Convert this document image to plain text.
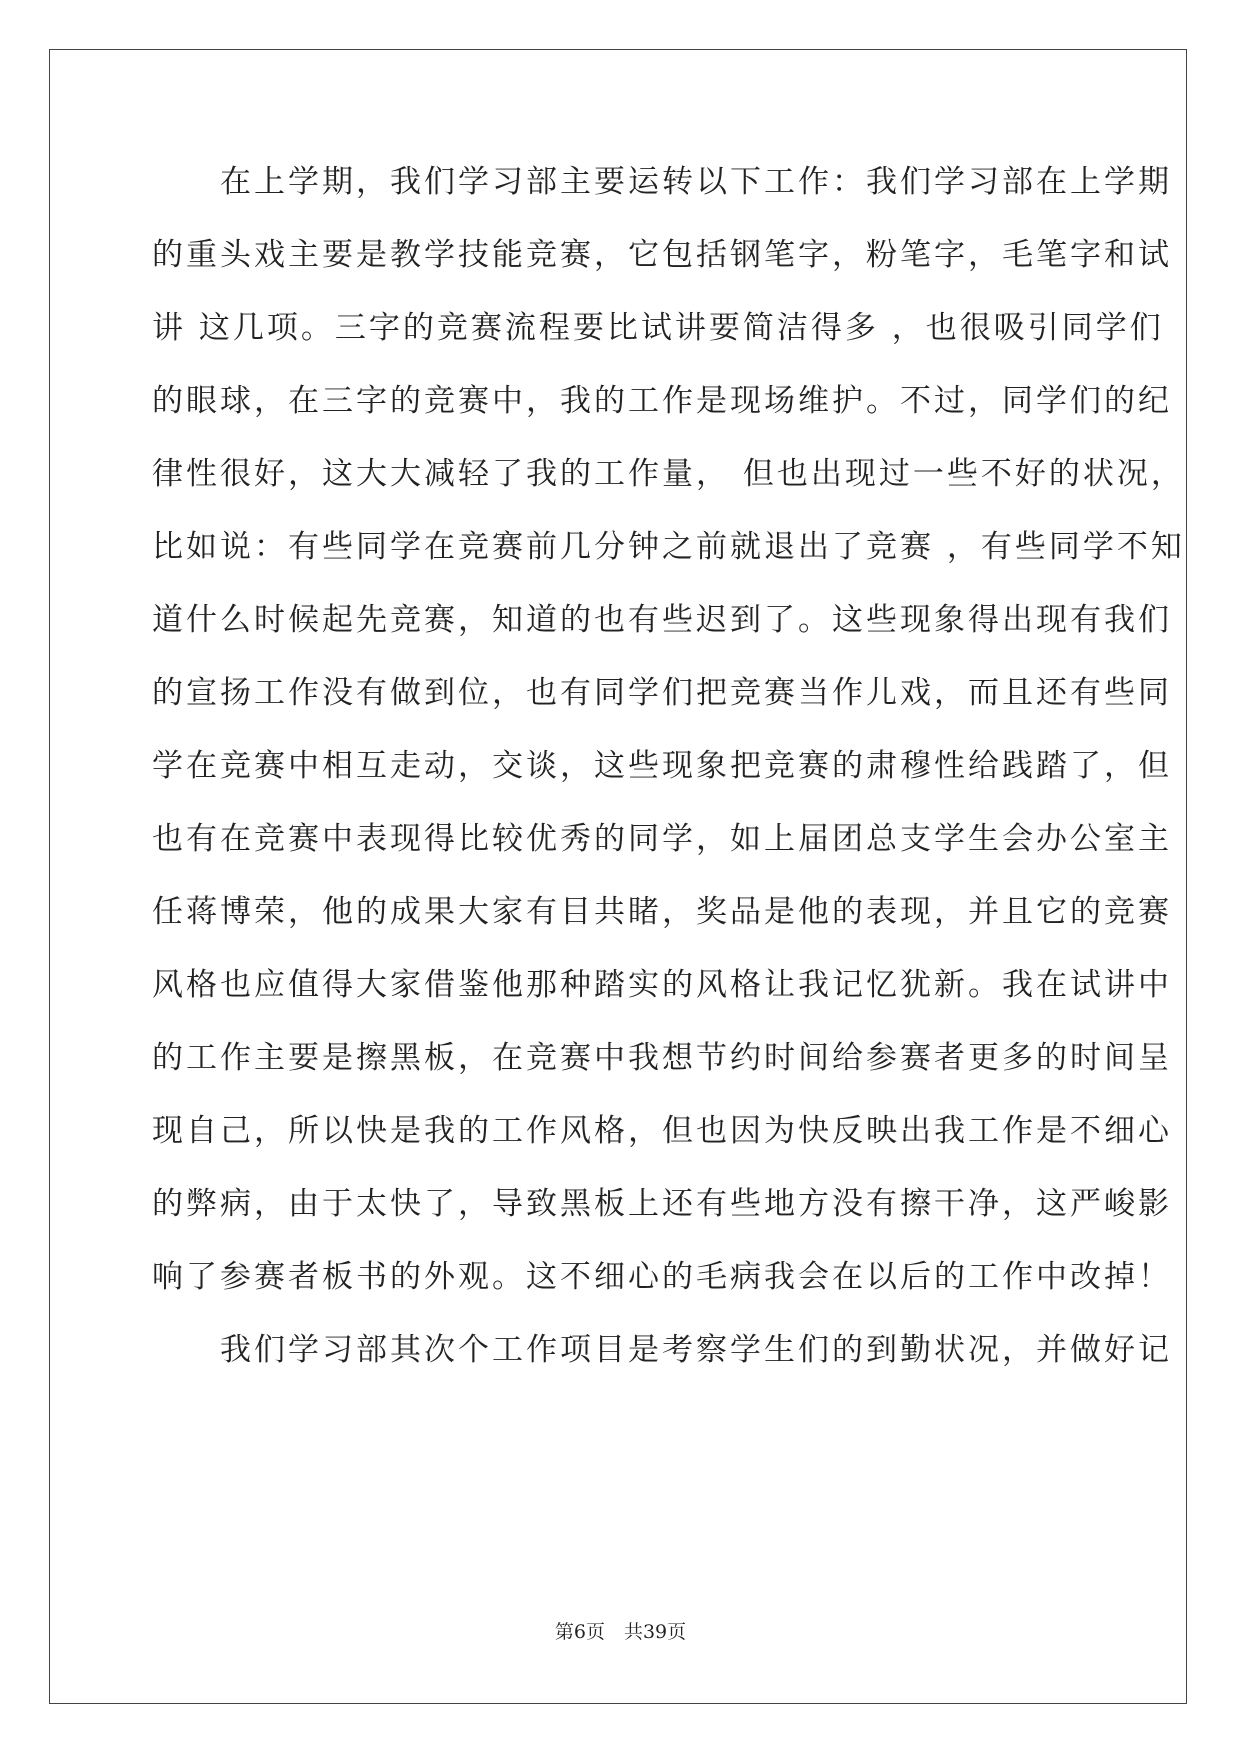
　　在上学期，我们学习部主要运转以下工作：我们学习部在上学期
的重头戏主要是教学技能竞赛，它包括钢笔字，粉笔字，毛笔字和试
讲 这几项。三字的竞赛流程要比试讲要简洁得多 ，也很吸引同学们
的眼球，在三字的竞赛中，我的工作是现场维护。不过，同学们的纪
律性很好，这大大减轻了我的工作量， 但也出现过一些不好的状况，
比如说：有些同学在竞赛前几分钟之前就退出了竞赛 ，有些同学不知
道什么时候起先竞赛，知道的也有些迟到了。这些现象得出现有我们
的宣扬工作没有做到位，也有同学们把竞赛当作儿戏，而且还有些同
学在竞赛中相互走动，交谈，这些现象把竞赛的肃穆性给践踏了，但
也有在竞赛中表现得比较优秀的同学，如上届团总支学生会办公室主
任蒋博荣，他的成果大家有目共睹，奖品是他的表现，并且它的竞赛
风格也应值得大家借鉴他那种踏实的风格让我记忆犹新。我在试讲中
的工作主要是擦黑板，在竞赛中我想节约时间给参赛者更多的时间呈
现自己，所以快是我的工作风格，但也因为快反映出我工作是不细心
的弊病，由于太快了，导致黑板上还有些地方没有擦干净，这严峻影
响了参赛者板书的外观。这不细心的毛病我会在以后的工作中改掉！
　　我们学习部其次个工作项目是考察学生们的到勤状况，并做好记
第6页　共39页
